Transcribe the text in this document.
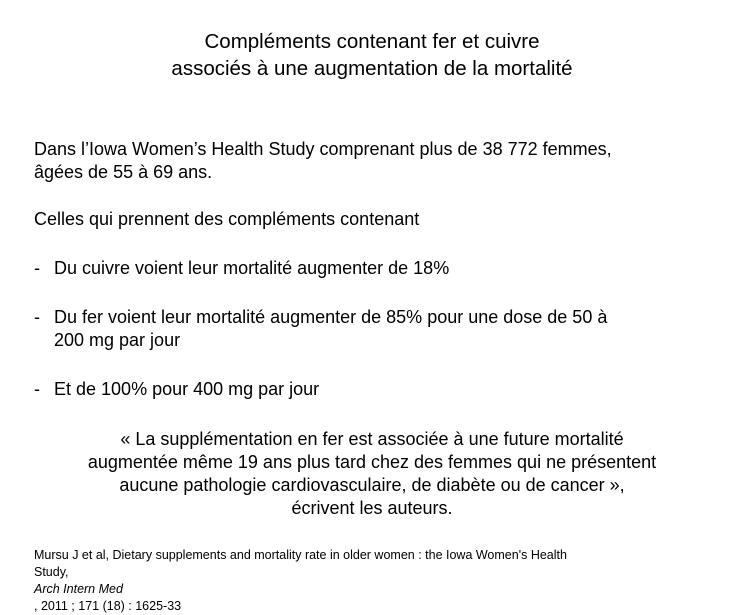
Compléments contenant fer et cuivre
associés à une augmentation de la mortalité

Dans l’Iowa Women’s Health Study comprenant plus de 38 772 femmes,
âgées de 55 à 69 ans.

Celles qui prennent des compléments contenant

- Du cuivre voient leur mortalité augmenter de 18%
- Du fer voient leur mortalité augmenter de 85% pour une dose de 50 à
200 mg par jour
- Et de 100% pour 400 mg par jour

« La supplémentation en fer est associée à une future mortalité
augmentée même 19 ans plus tard chez des femmes qui ne présentent
aucune pathologie cardiovasculaire, de diabète ou de cancer »,
écrivent les auteurs.

Mursu J et al, Dietary supplements and mortality rate in older women : the Iowa Women's Health
Study,
Arch Intern Med
, 2011 ; 171 (18) : 1625-33
